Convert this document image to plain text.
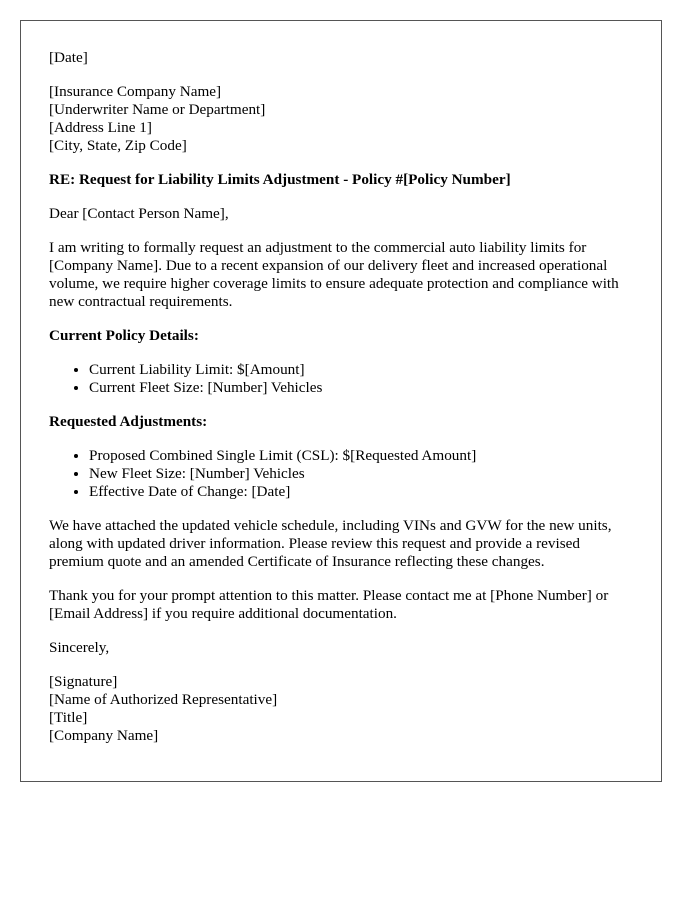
[Date]
[Insurance Company Name]
[Underwriter Name or Department]
[Address Line 1]
[City, State, Zip Code]

RE: Request for Liability Limits Adjustment - Policy #[Policy Number]

Dear [Contact Person Name],

I am writing to formally request an adjustment to the commercial auto liability limits for [Company Name]. Due to a recent expansion of our delivery fleet and increased operational volume, we require higher coverage limits to ensure adequate protection and compliance with new contractual requirements.

Current Policy Details:

• Current Liability Limit: $[Amount]
• Current Fleet Size: [Number] Vehicles

Requested Adjustments:

• Proposed Combined Single Limit (CSL): $[Requested Amount]
• New Fleet Size: [Number] Vehicles
• Effective Date of Change: [Date]

We have attached the updated vehicle schedule, including VINs and GVW for the new units, along with updated driver information. Please review this request and provide a revised premium quote and an amended Certificate of Insurance reflecting these changes.

Thank you for your prompt attention to this matter. Please contact me at [Phone Number] or [Email Address] if you require additional documentation.

Sincerely,

[Signature]
[Name of Authorized Representative]
[Title]
[Company Name]
